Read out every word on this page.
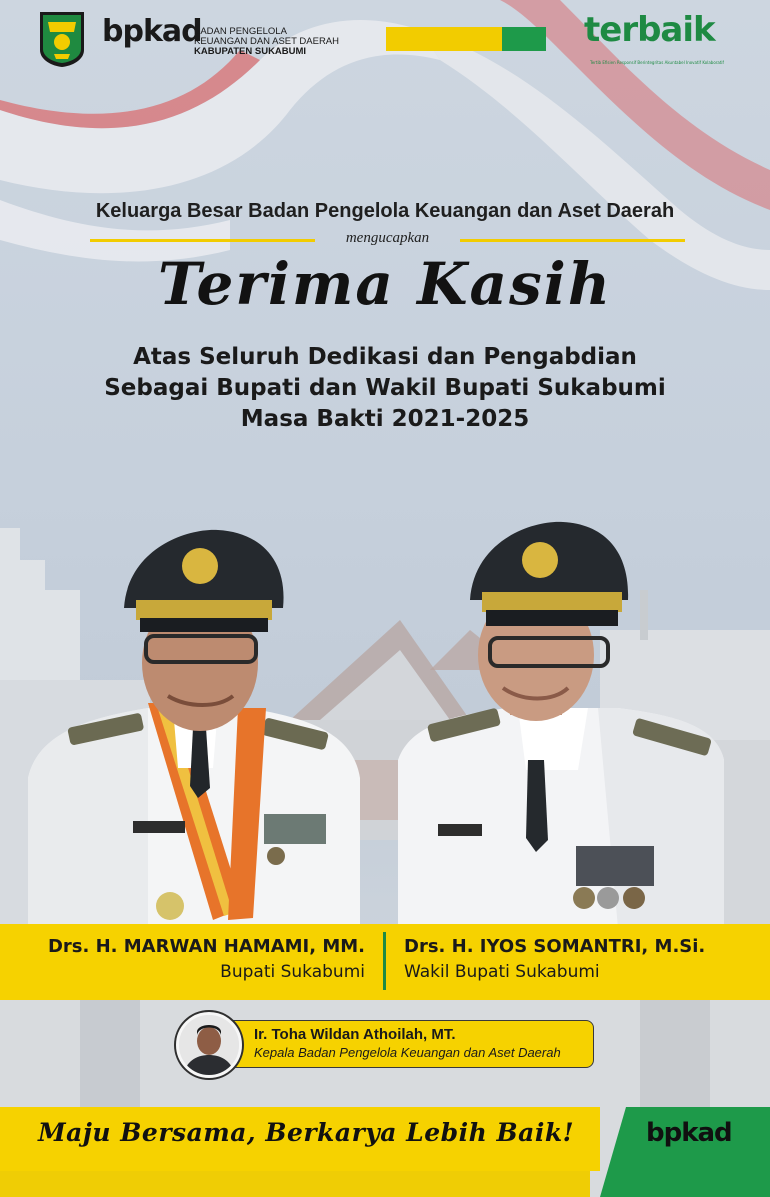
bpkad
BADAN PENGELOLA
KEUANGAN DAN ASET DAERAH
KABUPATEN SUKABUMI
terbaik
Tertib Efisien Responsif Berintegritas Akuntabel Inovatif Kolaboratif
Keluarga Besar Badan Pengelola Keuangan dan Aset Daerah
mengucapkan
Terima Kasih
Atas Seluruh Dedikasi dan Pengabdian
Sebagai Bupati dan Wakil Bupati Sukabumi
Masa Bakti 2021-2025
Drs. H. MARWAN HAMAMI, MM.
Bupati Sukabumi
Drs. H. IYOS SOMANTRI, M.Si.
Wakil Bupati Sukabumi
Ir. Toha Wildan Athoilah, MT.
Kepala Badan Pengelola Keuangan dan Aset Daerah
Maju Bersama, Berkarya Lebih Baik!	bpkad
